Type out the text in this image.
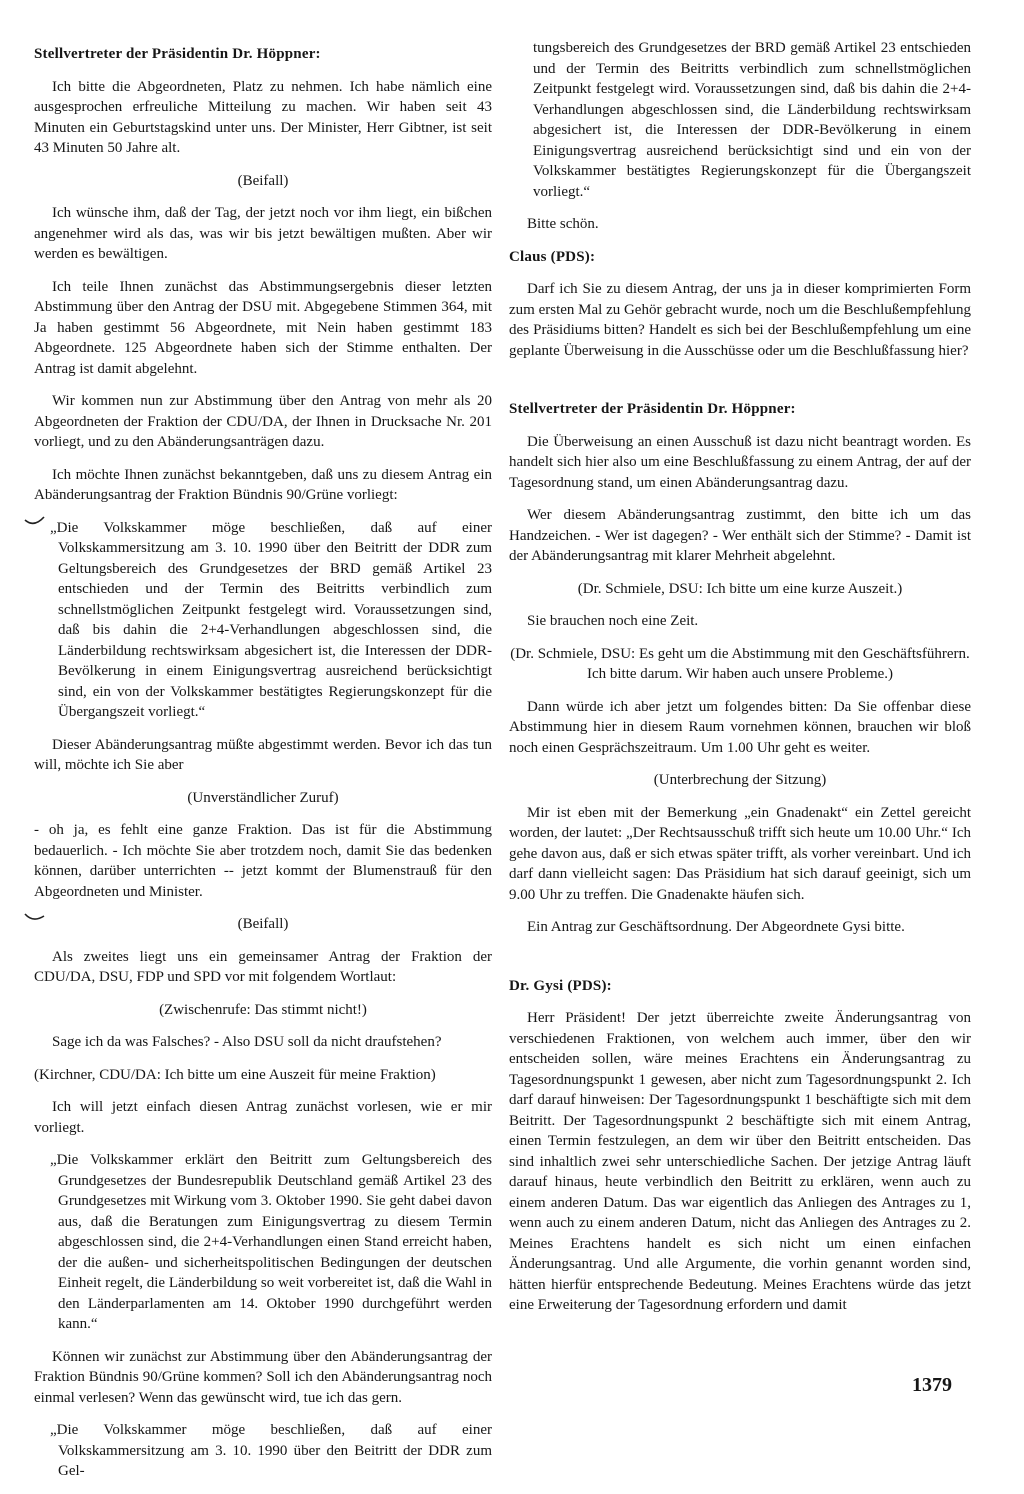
Stellvertreter der Präsidentin Dr. Höppner:
Ich bitte die Abgeordneten, Platz zu nehmen. Ich habe nämlich eine ausgesprochen erfreuliche Mitteilung zu machen. Wir haben seit 43 Minuten ein Geburtstagskind unter uns. Der Minister, Herr Gibtner, ist seit 43 Minuten 50 Jahre alt.
(Beifall)
Ich wünsche ihm, daß der Tag, der jetzt noch vor ihm liegt, ein bißchen angenehmer wird als das, was wir bis jetzt bewältigen mußten. Aber wir werden es bewältigen.
Ich teile Ihnen zunächst das Abstimmungsergebnis dieser letzten Abstimmung über den Antrag der DSU mit. Abgegebene Stimmen 364, mit Ja haben gestimmt 56 Abgeordnete, mit Nein haben gestimmt 183 Abgeordnete. 125 Abgeordnete haben sich der Stimme enthalten. Der Antrag ist damit abgelehnt.
Wir kommen nun zur Abstimmung über den Antrag von mehr als 20 Abgeordneten der Fraktion der CDU/DA, der Ihnen in Drucksache Nr. 201 vorliegt, und zu den Abänderungsanträgen dazu.
Ich möchte Ihnen zunächst bekanntgeben, daß uns zu diesem Antrag ein Abänderungsantrag der Fraktion Bündnis 90/Grüne vorliegt:
„Die Volkskammer möge beschließen, daß auf einer Volkskammersitzung am 3. 10. 1990 über den Beitritt der DDR zum Geltungsbereich des Grundgesetzes der BRD gemäß Artikel 23 entschieden und der Termin des Beitritts verbindlich zum schnellstmöglichen Zeitpunkt festgelegt wird. Voraussetzungen sind, daß bis dahin die 2+4-Verhandlungen abgeschlossen sind, die Länderbildung rechtswirksam abgesichert ist, die Interessen der DDR-Bevölkerung in einem Einigungsvertrag ausreichend berücksichtigt sind, ein von der Volkskammer bestätigtes Regierungskonzept für die Übergangszeit vorliegt.“
Dieser Abänderungsantrag müßte abgestimmt werden. Bevor ich das tun will, möchte ich Sie aber
(Unverständlicher Zuruf)
- oh ja, es fehlt eine ganze Fraktion. Das ist für die Abstimmung bedauerlich. - Ich möchte Sie aber trotzdem noch, damit Sie das bedenken können, darüber unterrichten -- jetzt kommt der Blumenstrauß für den Abgeordneten und Minister.
(Beifall)
Als zweites liegt uns ein gemeinsamer Antrag der Fraktion der CDU/DA, DSU, FDP und SPD vor mit folgendem Wortlaut:
(Zwischenrufe: Das stimmt nicht!)
Sage ich da was Falsches? - Also DSU soll da nicht draufstehen?
(Kirchner, CDU/DA: Ich bitte um eine Auszeit für meine Fraktion)
Ich will jetzt einfach diesen Antrag zunächst vorlesen, wie er mir vorliegt.
„Die Volkskammer erklärt den Beitritt zum Geltungsbereich des Grundgesetzes der Bundesrepublik Deutschland gemäß Artikel 23 des Grundgesetzes mit Wirkung vom 3. Oktober 1990. Sie geht dabei davon aus, daß die Beratungen zum Einigungsvertrag zu diesem Termin abgeschlossen sind, die 2+4-Verhandlungen einen Stand erreicht haben, der die außen- und sicherheitspolitischen Bedingungen der deutschen Einheit regelt, die Länderbildung so weit vorbereitet ist, daß die Wahl in den Länderparlamenten am 14. Oktober 1990 durchgeführt werden kann.“
Können wir zunächst zur Abstimmung über den Abänderungsantrag der Fraktion Bündnis 90/Grüne kommen? Soll ich den Abänderungsantrag noch einmal verlesen? Wenn das gewünscht wird, tue ich das gern.
„Die Volkskammer möge beschließen, daß auf einer Volkskammersitzung am 3. 10. 1990 über den Beitritt der DDR zum Gel-
tungsbereich des Grundgesetzes der BRD gemäß Artikel 23 entschieden und der Termin des Beitritts verbindlich zum schnellstmöglichen Zeitpunkt festgelegt wird. Voraussetzungen sind, daß bis dahin die 2+4-Verhandlungen abgeschlossen sind, die Länderbildung rechtswirksam abgesichert ist, die Interessen der DDR-Bevölkerung in einem Einigungsvertrag ausreichend berücksichtigt sind und ein von der Volkskammer bestätigtes Regierungskonzept für die Übergangszeit vorliegt.“
Bitte schön.
Claus (PDS):
Darf ich Sie zu diesem Antrag, der uns ja in dieser komprimierten Form zum ersten Mal zu Gehör gebracht wurde, noch um die Beschlußempfehlung des Präsidiums bitten? Handelt es sich bei der Beschlußempfehlung um eine geplante Überweisung in die Ausschüsse oder um die Beschlußfassung hier?
Stellvertreter der Präsidentin Dr. Höppner:
Die Überweisung an einen Ausschuß ist dazu nicht beantragt worden. Es handelt sich hier also um eine Beschlußfassung zu einem Antrag, der auf der Tagesordnung stand, um einen Abänderungsantrag dazu.
Wer diesem Abänderungsantrag zustimmt, den bitte ich um das Handzeichen. - Wer ist dagegen? - Wer enthält sich der Stimme? - Damit ist der Abänderungsantrag mit klarer Mehrheit abgelehnt.
(Dr. Schmiele, DSU: Ich bitte um eine kurze Auszeit.)
Sie brauchen noch eine Zeit.
(Dr. Schmiele, DSU: Es geht um die Abstimmung mit den Geschäftsführern. Ich bitte darum. Wir haben auch unsere Probleme.)
Dann würde ich aber jetzt um folgendes bitten: Da Sie offenbar diese Abstimmung hier in diesem Raum vornehmen können, brauchen wir bloß noch einen Gesprächszeitraum. Um 1.00 Uhr geht es weiter.
(Unterbrechung der Sitzung)
Mir ist eben mit der Bemerkung „ein Gnadenakt“ ein Zettel gereicht worden, der lautet: „Der Rechtsausschuß trifft sich heute um 10.00 Uhr.“ Ich gehe davon aus, daß er sich etwas später trifft, als vorher vereinbart. Und ich darf dann vielleicht sagen: Das Präsidium hat sich darauf geeinigt, sich um 9.00 Uhr zu treffen. Die Gnadenakte häufen sich.
Ein Antrag zur Geschäftsordnung. Der Abgeordnete Gysi bitte.
Dr. Gysi (PDS):
Herr Präsident! Der jetzt überreichte zweite Änderungsantrag von verschiedenen Fraktionen, von welchem auch immer, über den wir entscheiden sollen, wäre meines Erachtens ein Änderungsantrag zu Tagesordnungspunkt 1 gewesen, aber nicht zum Tagesordnungspunkt 2. Ich darf darauf hinweisen: Der Tagesordnungspunkt 1 beschäftigte sich mit dem Beitritt. Der Tagesordnungspunkt 2 beschäftigte sich mit einem Antrag, einen Termin festzulegen, an dem wir über den Beitritt entscheiden. Das sind inhaltlich zwei sehr unterschiedliche Sachen. Der jetzige Antrag läuft darauf hinaus, heute verbindlich den Beitritt zu erklären, wenn auch zu einem anderen Datum. Das war eigentlich das Anliegen des Antrages zu 1, wenn auch zu einem anderen Datum, nicht das Anliegen des Antrages zu 2. Meines Erachtens handelt es sich nicht um einen einfachen Änderungsantrag. Und alle Argumente, die vorhin genannt worden sind, hätten hierfür entsprechende Bedeutung. Meines Erachtens würde das jetzt eine Erweiterung der Tagesordnung erfordern und damit
1379
